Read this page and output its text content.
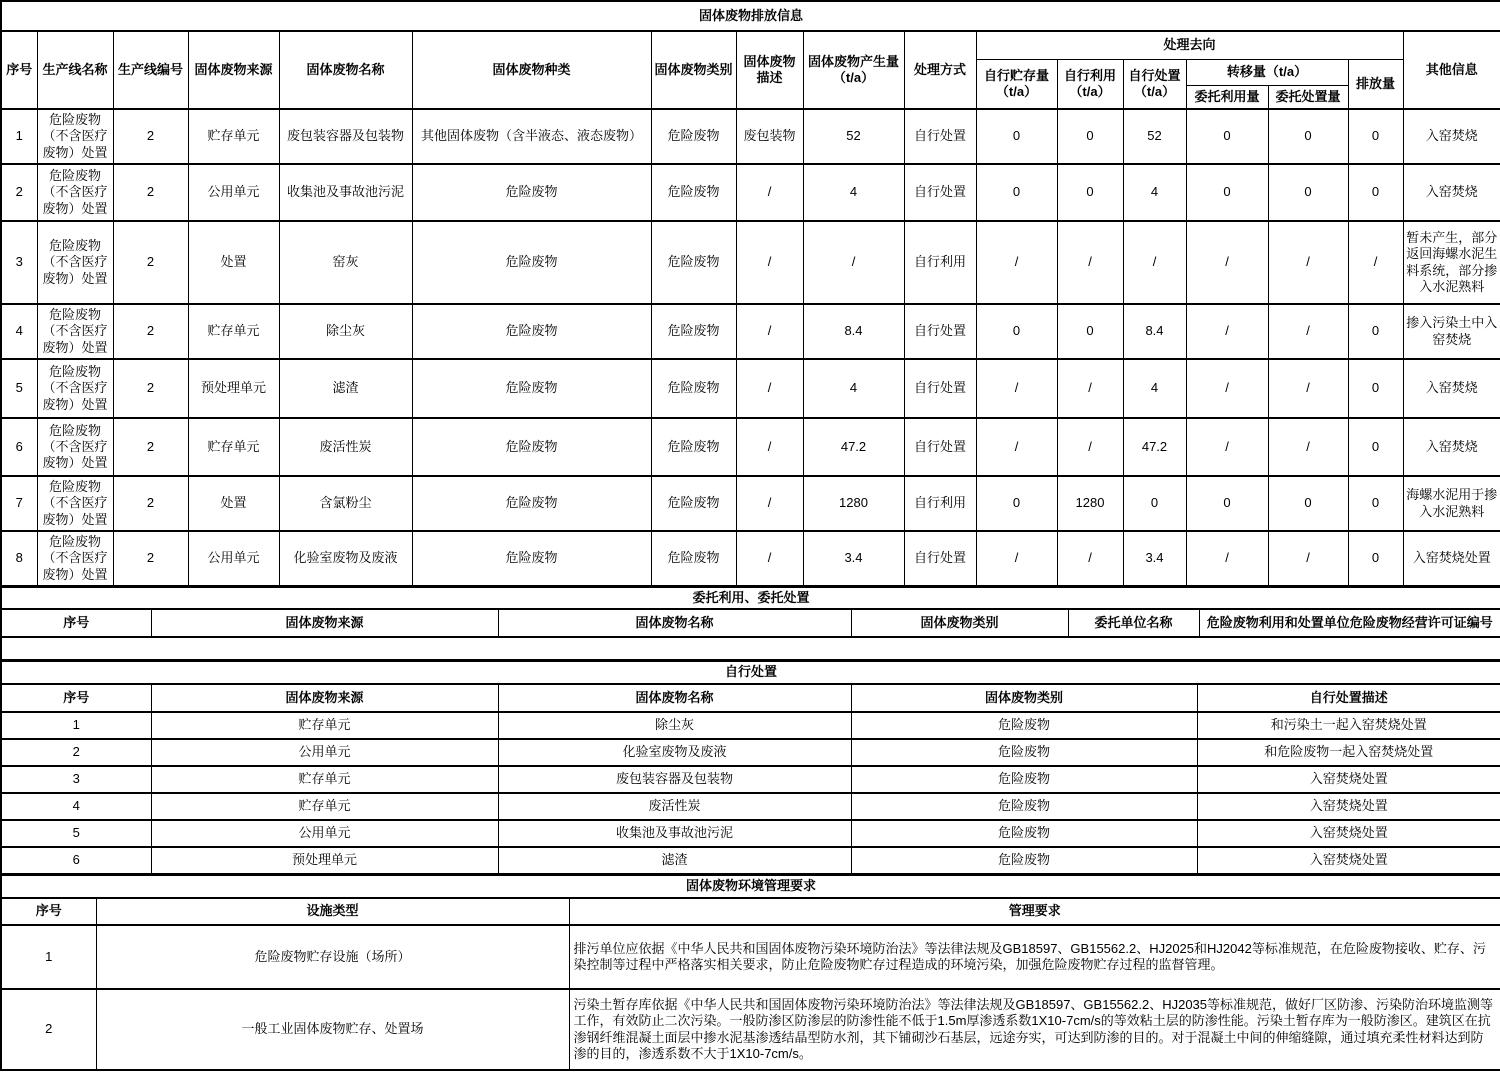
固体废物排放信息																
序号	生产线名称	生产线编号	固体废物来源	固体废物名称	固体废物种类	固体废物类别	固体废物描述	固体废物产生量（t/a）	处理方式	处理去向						其他信息
										自行贮存量（t/a）	自行利用（t/a）	自行处置（t/a）	转移量（t/a）		排放量	
													委托利用量	委托处置量		
1	危险废物（不含医疗废物）处置	2	贮存单元	废包装容器及包装物	其他固体废物（含半液态、液态废物）	危险废物	废包装物	52	自行处置	0	0	52	0	0	0	入窑焚烧
2	危险废物（不含医疗废物）处置	2	公用单元	收集池及事故池污泥	危险废物	危险废物	/	4	自行处置	0	0	4	0	0	0	入窑焚烧
3	危险废物（不含医疗废物）处置	2	处置	窑灰	危险废物	危险废物	/	/	自行利用	/	/	/	/	/	/	暂未产生，部分返回海螺水泥生料系统，部分掺入水泥熟料
4	危险废物（不含医疗废物）处置	2	贮存单元	除尘灰	危险废物	危险废物	/	8.4	自行处置	0	0	8.4	/	/	0	掺入污染土中入窑焚烧
5	危险废物（不含医疗废物）处置	2	预处理单元	滤渣	危险废物	危险废物	/	4	自行处置	/	/	4	/	/	0	入窑焚烧
6	危险废物（不含医疗废物）处置	2	贮存单元	废活性炭	危险废物	危险废物	/	47.2	自行处置	/	/	47.2	/	/	0	入窑焚烧
7	危险废物（不含医疗废物）处置	2	处置	含氯粉尘	危险废物	危险废物	/	1280	自行利用	0	1280	0	0	0	0	海螺水泥用于掺入水泥熟料
8	危险废物（不含医疗废物）处置	2	公用单元	化验室废物及废液	危险废物	危险废物	/	3.4	自行处置	/	/	3.4	/	/	0	入窑焚烧处置
委托利用、委托处置
序号	固体废物来源	固体废物名称	固体废物类别	委托单位名称	危险废物利用和处置单位危险废物经营许可证编号

自行处置				
序号	固体废物来源	固体废物名称	固体废物类别	自行处置描述
1	贮存单元	除尘灰	危险废物	和污染土一起入窑焚烧处置
2	公用单元	化验室废物及废液	危险废物	和危险废物一起入窑焚烧处置
3	贮存单元	废包装容器及包装物	危险废物	入窑焚烧处置
4	贮存单元	废活性炭	危险废物	入窑焚烧处置
5	公用单元	收集池及事故池污泥	危险废物	入窑焚烧处置
6	预处理单元	滤渣	危险废物	入窑焚烧处置
固体废物环境管理要求		
序号	设施类型	管理要求
1	危险废物贮存设施（场所）	排污单位应依据《中华人民共和国固体废物污染环境防治法》等法律法规及GB18597、GB15562.2、HJ2025和HJ2042等标准规范，在危险废物接收、贮存、污染控制等过程中严格落实相关要求，防止危险废物贮存过程造成的环境污染，加强危险废物贮存过程的监督管理。
2	一般工业固体废物贮存、处置场	污染土暂存库依据《中华人民共和国固体废物污染环境防治法》等法律法规及GB18597、GB15562.2、HJ2035等标准规范，做好厂区防渗、污染防治环境监测等工作，有效防止二次污染。一般防渗区防渗层的防渗性能不低于1.5m厚渗透系数1X10-7cm/s的等效粘土层的防渗性能。污染土暂存库为一般防渗区。建筑区在抗渗钢纤维混凝土面层中掺水泥基渗透结晶型防水剂，其下铺砌沙石基层，远途夯实，可达到防渗的目的。对于混凝土中间的伸缩缝隙，通过填充柔性材料达到防渗的目的，渗透系数不大于1X10-7cm/s。
